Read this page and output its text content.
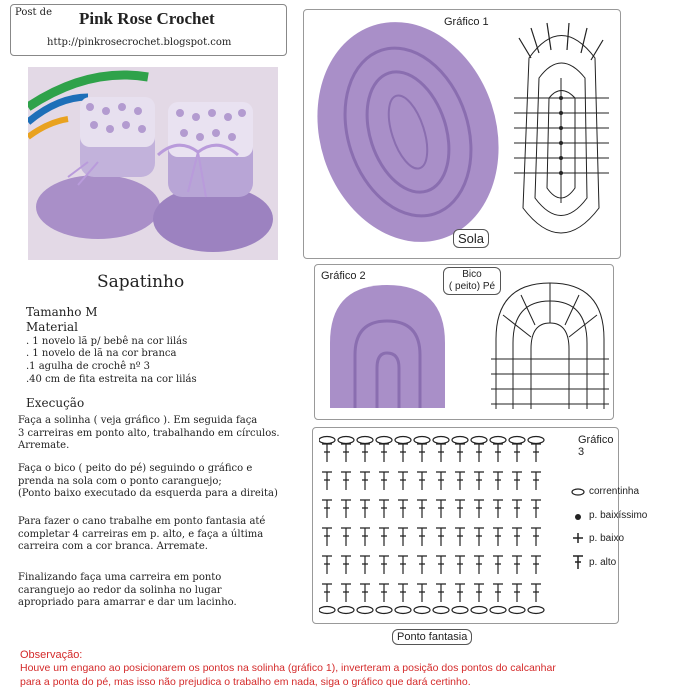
Post de Pink Rose Crochet
http://pinkrosecrochet.blogspot.com
Gráfico 1
Sola
Gráfico 2	Bico
( peito) Pé
Gráfico 3
correntinha
p. baixíssimo
p. baixo
p. alto
Ponto fantasia
Sapatinho
Tamanho M
Material
. 1 novelo lã p/ bebê na cor lilás
. 1 novelo de lã na cor branca
.1 agulha de crochê nº 3
.40 cm de fita estreita na cor lilás
Execução
Faça a solinha ( veja gráfico ). Em seguida faça
3 carreiras em ponto alto, trabalhando em círculos.
Arremate.
Faça o bico ( peito do pé) seguindo o gráfico e
prenda na sola com o ponto caranguejo;
(Ponto baixo executado da esquerda para a direita)
Para fazer o cano trabalhe em ponto fantasia até
completar 4 carreiras em p. alto, e faça a última
carreira com a cor branca. Arremate.
Finalizando faça uma carreira em ponto
caranguejo ao redor da solinha no lugar
apropriado para amarrar e dar um lacinho.
Observação:
Houve um engano ao posicionarem os pontos na solinha (gráfico 1), inverteram a posição dos pontos do calcanhar
para a ponta do pé, mas isso não prejudica o trabalho em nada, siga o gráfico que dará certinho.
